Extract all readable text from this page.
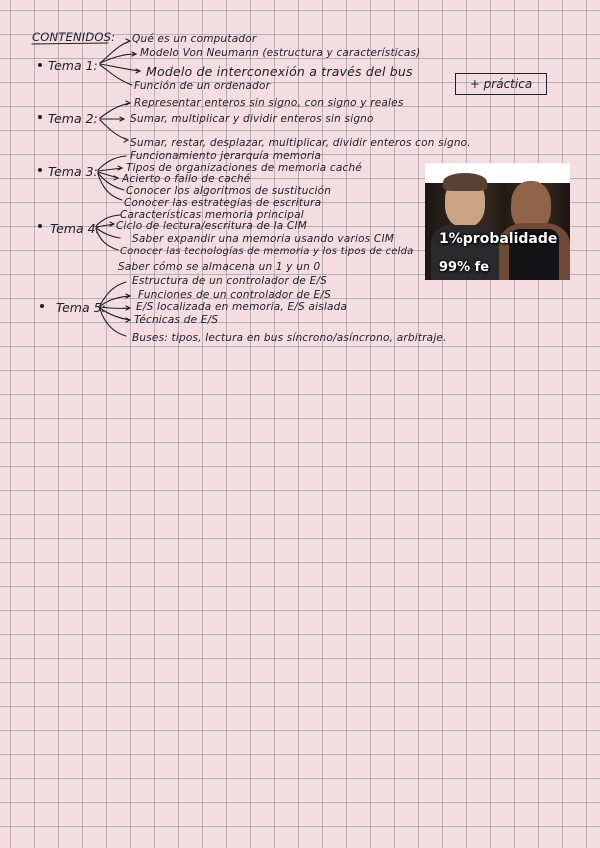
CONTENIDOS:
+ práctica
Tema 1:
Qué es un computador
Modelo Von Neumann (estructura y características)
Modelo de interconexión a través del bus
Función de un ordenador
Tema 2:
Representar enteros sin signo, con signo y reales
Sumar, multiplicar y dividir enteros sin signo
Sumar, restar, desplazar, multiplicar, dividir enteros con signo.
Tema 3:
Funcionamiento jerarquía memoria
Tipos de organizaciones de memoria caché
Acierto o fallo de caché
Conocer los algoritmos de sustitución
Conocer las estrategias de escritura
Tema 4:
Características memoria principal
Ciclo de lectura/escritura de la CIM
Saber expandir una memoria usando varios CIM
Conocer las tecnologías de memoria y los tipos de celda
Saber cómo se almacena un 1 y un 0
Tema 5:
Estructura de un controlador de E/S
Funciones de un controlador de E/S
E/S localizada en memoria, E/S aislada
Técnicas de E/S
Buses: tipos, lectura en bus síncrono/asíncrono, arbitraje.
1%probalidade
99% fe
